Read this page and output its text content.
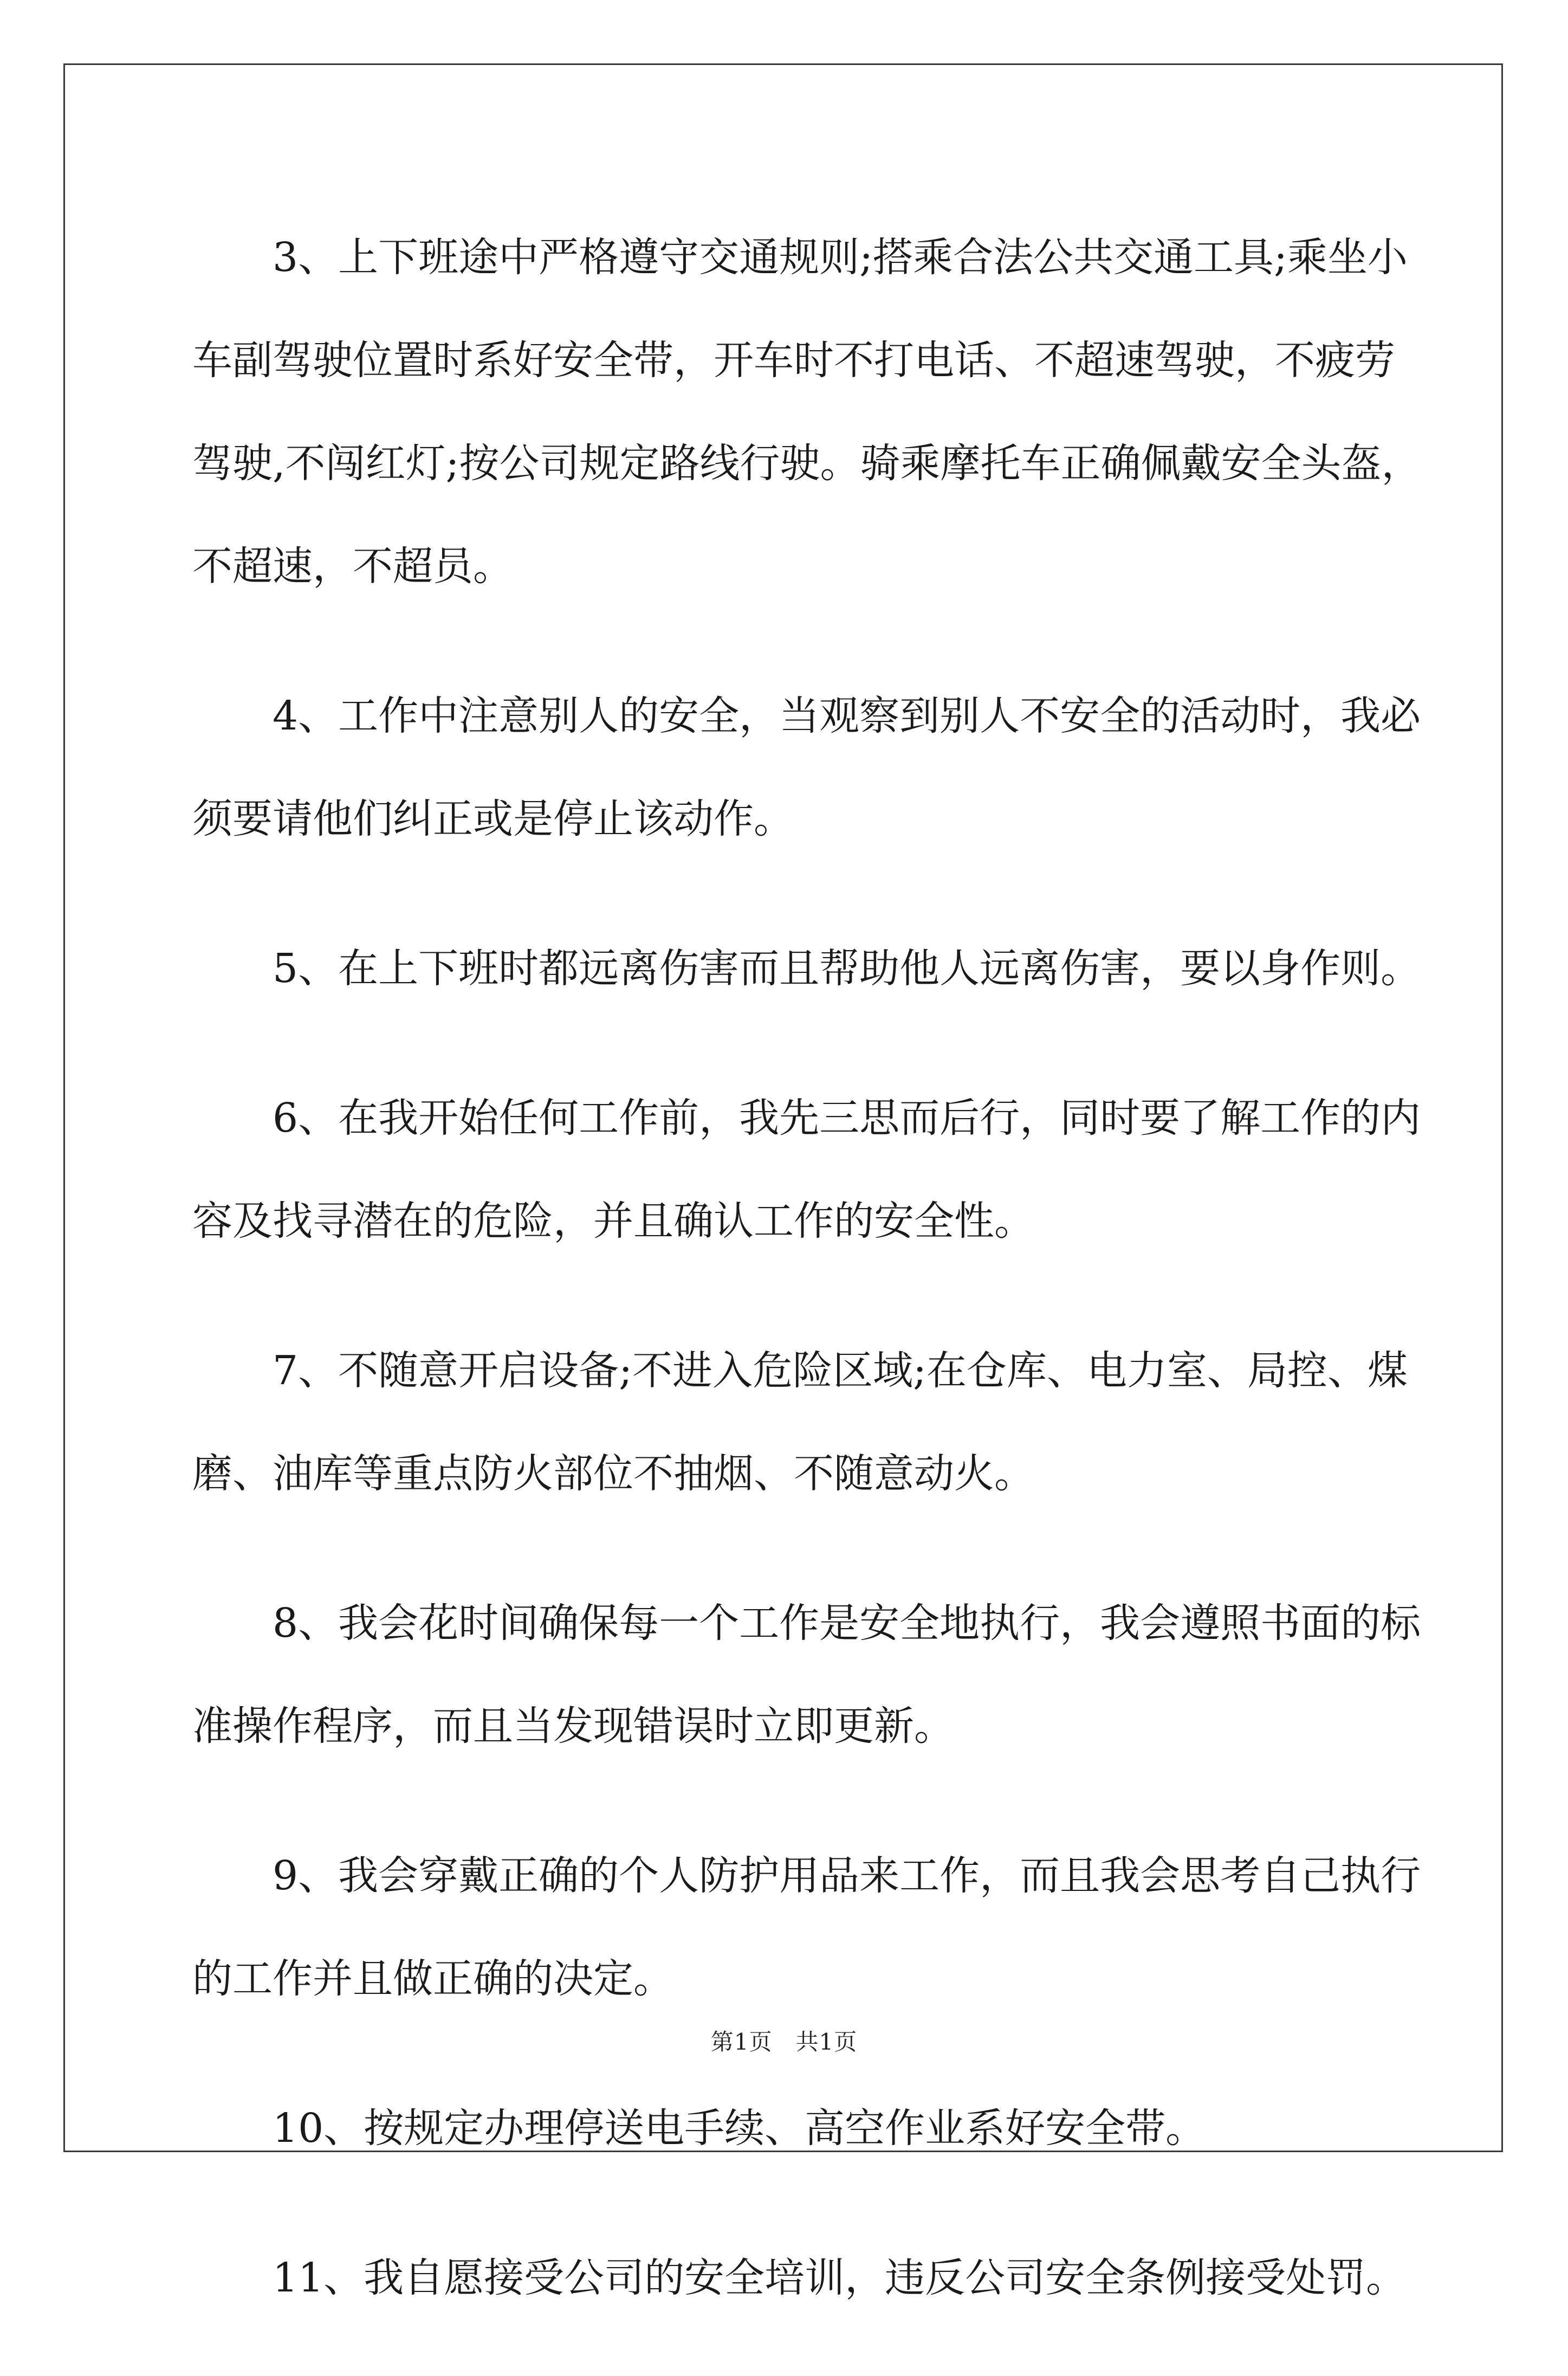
3、上下班途中严格遵守交通规则;搭乘合法公共交通工具;乘坐小
车副驾驶位置时系好安全带，开车时不打电话、不超速驾驶，不疲劳
驾驶,不闯红灯;按公司规定路线行驶。骑乘摩托车正确佩戴安全头盔，
不超速，不超员。
4、工作中注意别人的安全，当观察到别人不安全的活动时，我必
须要请他们纠正或是停止该动作。
5、在上下班时都远离伤害而且帮助他人远离伤害，要以身作则。
6、在我开始任何工作前，我先三思而后行，同时要了解工作的内
容及找寻潜在的危险，并且确认工作的安全性。
7、不随意开启设备;不进入危险区域;在仓库、电力室、局控、煤
磨、油库等重点防火部位不抽烟、不随意动火。
8、我会花时间确保每一个工作是安全地执行，我会遵照书面的标
准操作程序，而且当发现错误时立即更新。
9、我会穿戴正确的个人防护用品来工作，而且我会思考自己执行
的工作并且做正确的决定。
10、按规定办理停送电手续、高空作业系好安全带。
11、我自愿接受公司的安全培训，违反公司安全条例接受处罚。
第1页　共1页
